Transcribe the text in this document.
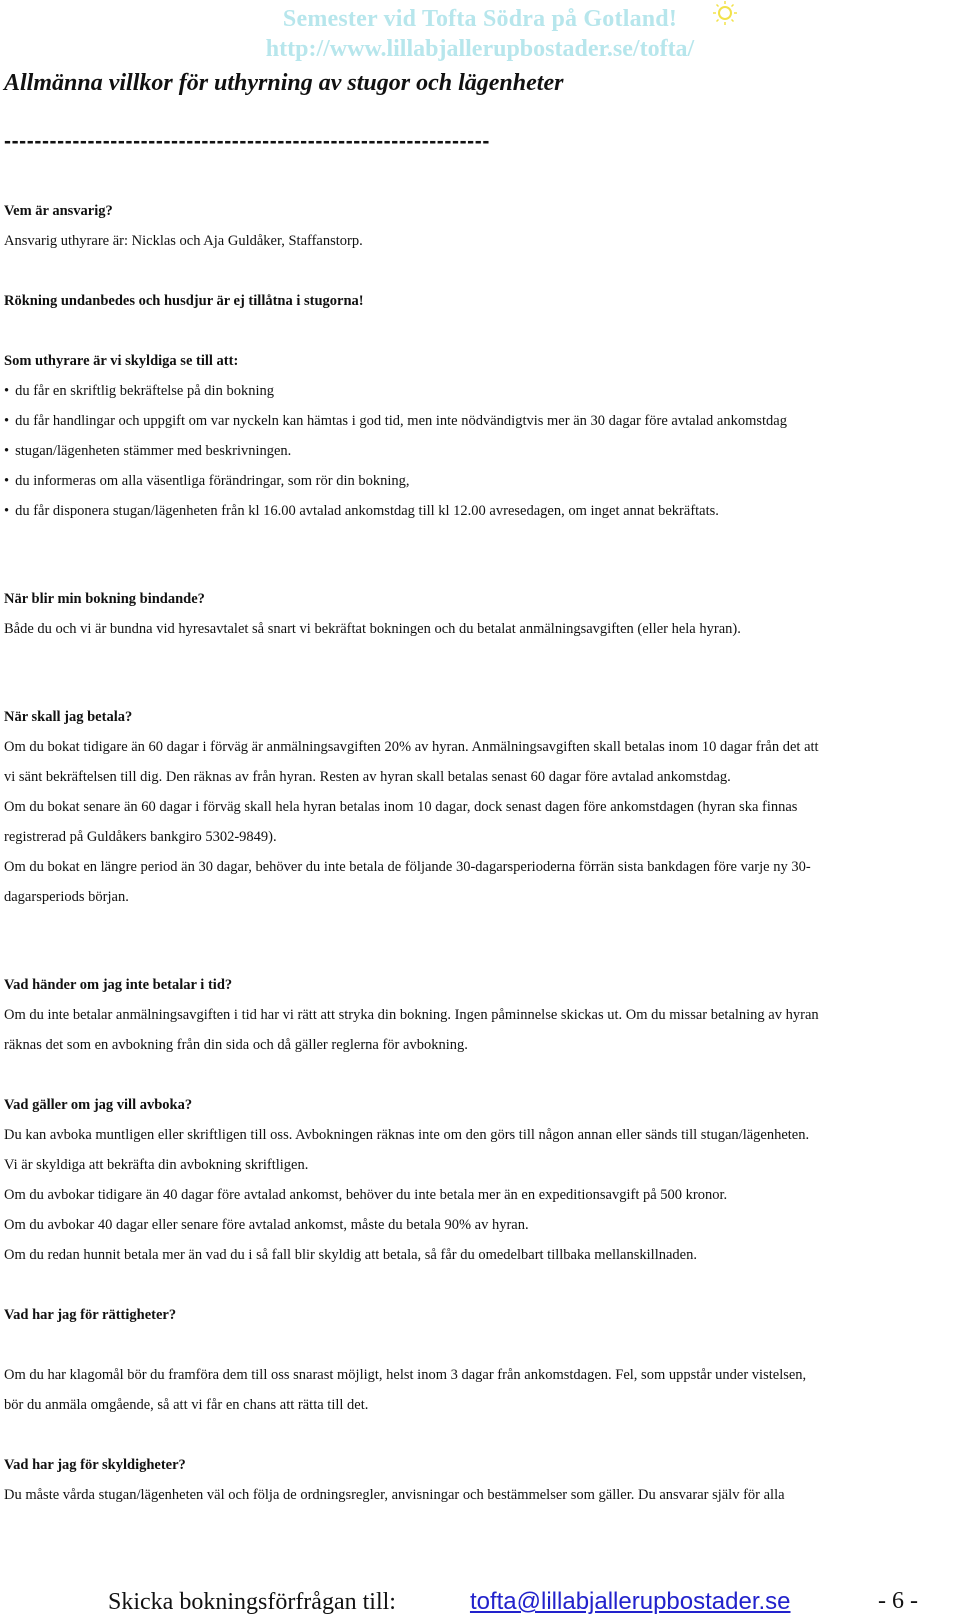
Semester vid Tofta Södra på Gotland!
http://www.lillabjallerupbostader.se/tofta/
Allmänna villkor för uthyrning av stugor och lägenheter
----------------------------------------------------------------

Vem är ansvarig?

Ansvarig uthyrare är: Nicklas och Aja Guldåker, Staffanstorp.

Rökning undanbedes och husdjur är ej tillåtna i stugorna!

Som uthyrare är vi skyldiga se till att:

• du får en skriftlig bekräftelse på din bokning

• du får handlingar och uppgift om var nyckeln kan hämtas i god tid, men inte nödvändigtvis mer än 30 dagar före avtalad ankomstdag

• stugan/lägenheten stämmer med beskrivningen.

• du informeras om alla väsentliga förändringar, som rör din bokning,

• du får disponera stugan/lägenheten från kl 16.00 avtalad ankomstdag till kl 12.00 avresedagen, om inget annat bekräftats.

När blir min bokning bindande?

Både du och vi är bundna vid hyresavtalet så snart vi bekräftat bokningen och du betalat anmälningsavgiften (eller hela hyran).

När skall jag betala?

Om du bokat tidigare än 60 dagar i förväg är anmälningsavgiften 20% av hyran. Anmälningsavgiften skall betalas inom 10 dagar från det att

vi sänt bekräftelsen till dig. Den räknas av från hyran. Resten av hyran skall betalas senast 60 dagar före avtalad ankomstdag.

Om du bokat senare än 60 dagar i förväg skall hela hyran betalas inom 10 dagar, dock senast dagen före ankomstdagen (hyran ska finnas

registrerad på Guldåkers bankgiro 5302-9849).

Om du bokat en längre period än 30 dagar, behöver du inte betala de följande 30-dagarsperioderna förrän sista bankdagen före varje ny 30-

dagarsperiods början.

Vad händer om jag inte betalar i tid?

Om du inte betalar anmälningsavgiften i tid har vi rätt att stryka din bokning. Ingen påminnelse skickas ut. Om du missar betalning av hyran

räknas det som en avbokning från din sida och då gäller reglerna för avbokning.

Vad gäller om jag vill avboka?

Du kan avboka muntligen eller skriftligen till oss. Avbokningen räknas inte om den görs till någon annan eller sänds till stugan/lägenheten.

Vi är skyldiga att bekräfta din avbokning skriftligen.

Om du avbokar tidigare än 40 dagar före avtalad ankomst, behöver du inte betala mer än en expeditionsavgift på 500 kronor.

Om du avbokar 40 dagar eller senare före avtalad ankomst, måste du betala 90% av hyran.

Om du redan hunnit betala mer än vad du i så fall blir skyldig att betala, så får du omedelbart tillbaka mellanskillnaden.

Vad har jag för rättigheter?

Om du har klagomål bör du framföra dem till oss snarast möjligt, helst inom 3 dagar från ankomstdagen. Fel, som uppstår under vistelsen,

bör du anmäla omgående, så att vi får en chans att rätta till det.

Vad har jag för skyldigheter?

Du måste vårda stugan/lägenheten väl och följa de ordningsregler, anvisningar och bestämmelser som gäller. Du ansvarar själv för alla

Skicka bokningsförfrågan till:	tofta@lillabjallerupbostader.se	- 6 -
